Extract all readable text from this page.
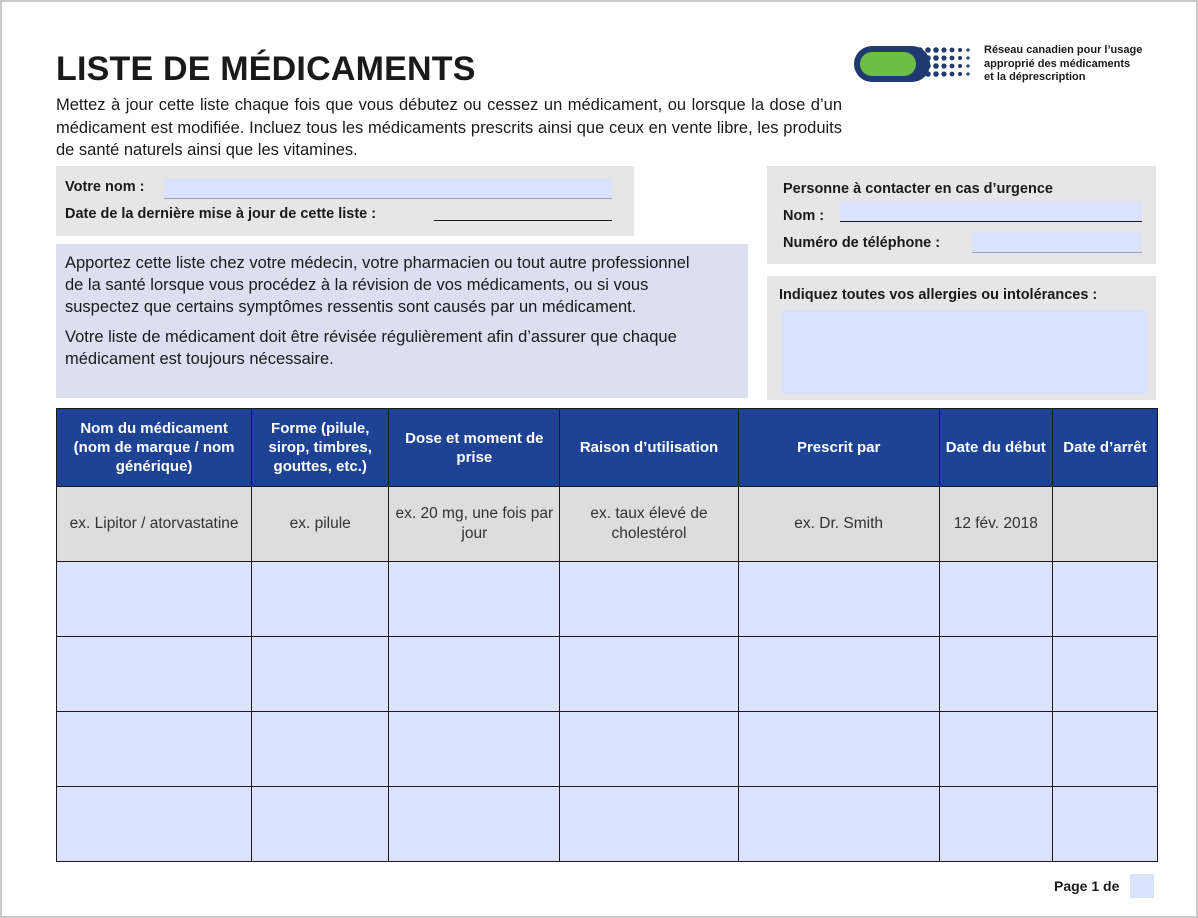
LISTE DE MÉDICAMENTS

Mettez à jour cette liste chaque fois que vous débutez ou cessez un médicament, ou lorsque la dose d’un médicament est modifiée. Incluez tous les médicaments prescrits ainsi que ceux en vente libre, les produits de santé naturels ainsi que les vitamines.

Réseau canadien pour l’usage
approprié des médicaments
et la déprescription
Votre nom :
Date de la dernière mise à jour de cette liste :

Apportez cette liste chez votre médecin, votre pharmacien ou tout autre professionnel de la santé lorsque vous procédez à la révision de vos médicaments, ou si vous suspectez que certains symptômes ressentis sont causés par un médicament.

Votre liste de médicament doit être révisée régulièrement afin d’assurer que chaque médicament est toujours nécessaire.

Personne à contacter en cas d’urgence
Nom :
Numéro de téléphone :
Indiquez toutes vos allergies ou intolérances :
Nom du médicament (nom de marque / nom générique)	Forme (pilule, sirop, timbres, gouttes, etc.)	Dose et moment de prise	Raison d’utilisation	Prescrit par	Date du début	Date d’arrêt
ex. Lipitor / atorvastatine	ex. pilule	ex. 20 mg, une fois par jour	ex. taux élevé de cholestérol	ex. Dr. Smith	12 fév. 2018	

Page 1 de
